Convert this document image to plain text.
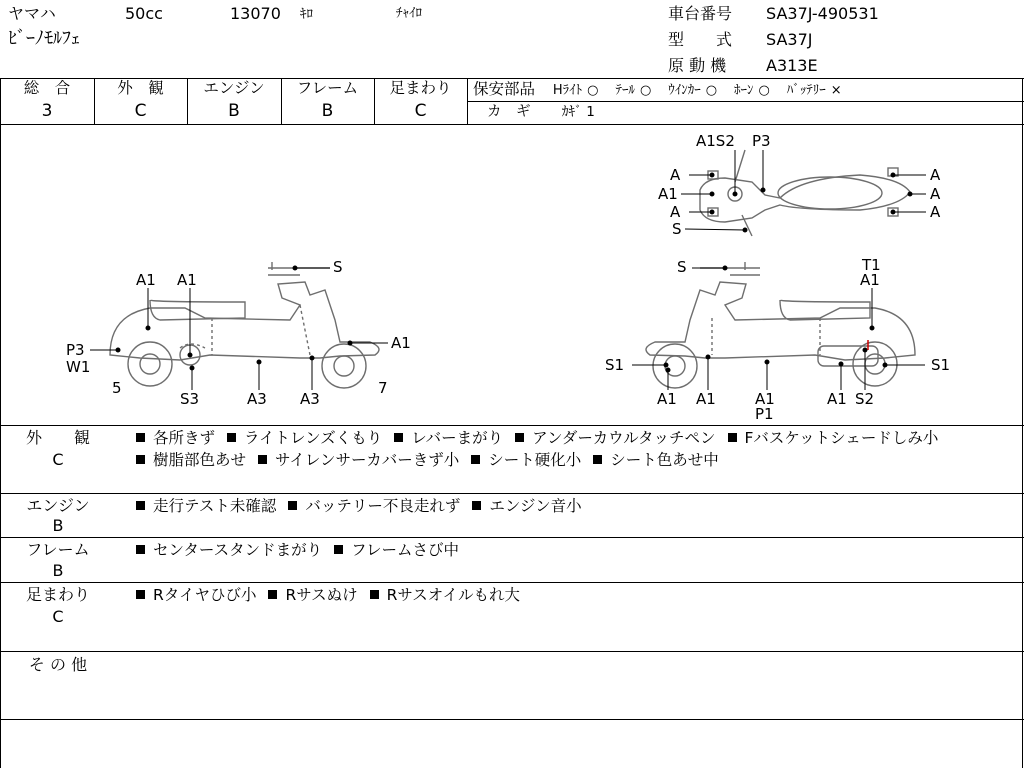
ヤマハ	50cc	13070 ｷﾛ	ﾁｬｲﾛ
ﾋﾞｰﾉﾓﾙﾌｪ
車台番号 SA37J-490531
型　　式 SA37J
原 動 機 A313E
総　合
3
外　観
C
エンジン
B
フレーム
B
足まわり
C
保安部品 Hﾗｲﾄ ○ ﾃｰﾙ ○ ｳｲﾝｶｰ ○ ﾎｰﾝ ○ ﾊﾞｯﾃﾘｰ ×
カ　ギ ｶｷﾞ 1
A1S2 P3
A
A1
A
S
A
A
A
S
A1 A1
P3
W1
A1
5
S3	A3 A3
7
S	T1
A1
S1	S1
A1 A1	A1
P1
A1 S2
外　　観
C
各所きず ライトレンズくもり レバーまがり アンダーカウルタッチペン Fバスケットシェードしみ小
樹脂部色あせ サイレンサーカバーきず小 シート硬化小 シート色あせ中
エンジン
B
走行テスト未確認 バッテリー不良走れず エンジン音小
フレーム
B
センタースタンドまがり フレームさび中
足まわり
C
Rタイヤひび小 Rサスぬけ Rサスオイルもれ大
そ の 他
